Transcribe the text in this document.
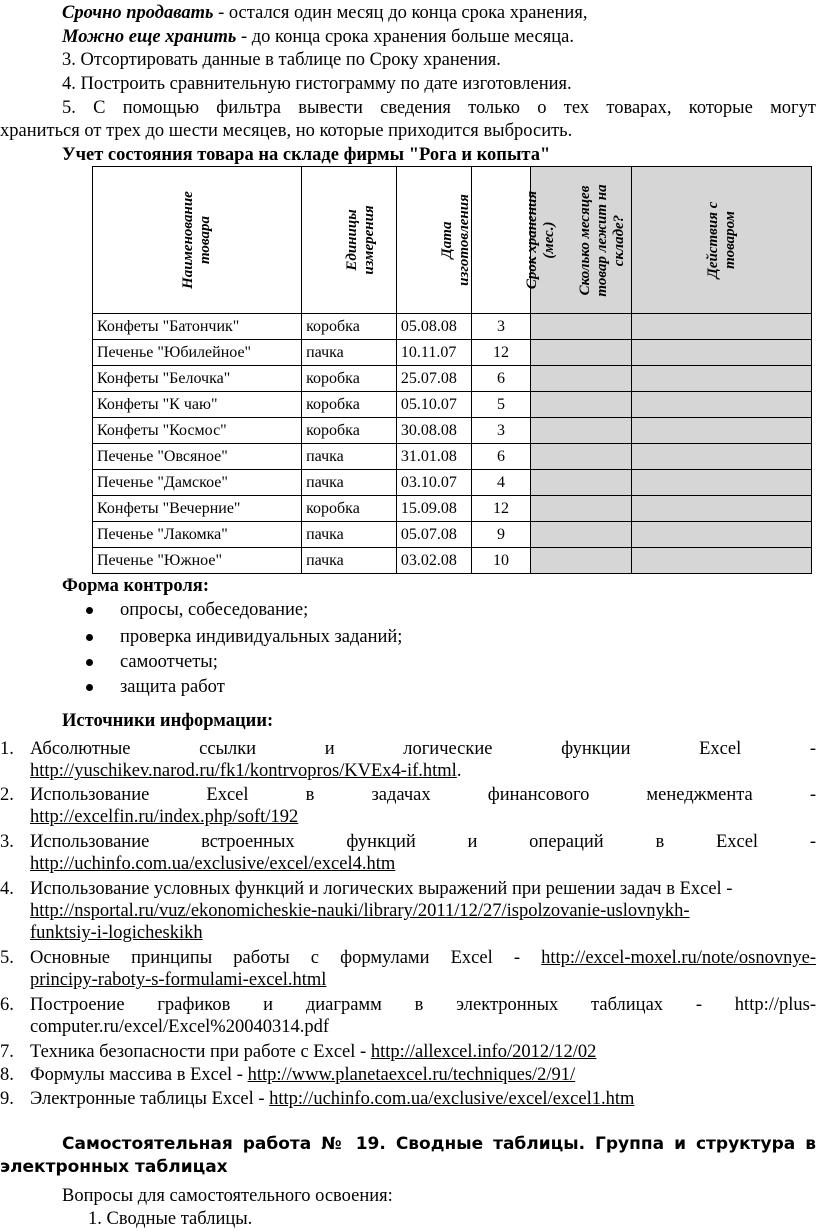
Срочно продавать - остался один месяц до конца срока хранения,
Можно еще хранить - до конца срока хранения больше месяца.
3. Отсортировать данные в таблице по Сроку хранения.
4. Построить сравнительную гистограмму по дате изготовления.
5. С помощью фильтра вывести сведения только о тех товарах, которые могут
храниться от трех до шести месяцев, но которые приходится выбросить.
Учет состояния товара на складе фирмы "Рога и копыта"
Наименование товара	Единицы измерения	Дата изготовления	Срок хранения (мес.)	Сколько месяцев товар лежит на складе?	Действия с товаром
Конфеты "Батончик"	коробка	05.08.08	3		
Печенье "Юбилейное"	пачка	10.11.07	12		
Конфеты "Белочка"	коробка	25.07.08	6		
Конфеты "К чаю"	коробка	05.10.07	5		
Конфеты "Космос"	коробка	30.08.08	3		
Печенье "Овсяное"	пачка	31.01.08	6		
Печенье "Дамское"	пачка	03.10.07	4		
Конфеты "Вечерние"	коробка	15.09.08	12		
Печенье "Лакомка"	пачка	05.07.08	9		
Печенье "Южное"	пачка	03.02.08	10		
Форма контроля:
опросы, собеседование;
проверка индивидуальных заданий;
самоотчеты;
защита работ
Источники информации:
1. Абсолютные ссылки и логические функции Excel -
http://yuschikev.narod.ru/fk1/kontrvopros/KVEx4-if.html.
2. Использование Excel в задачах финансового менеджмента -
http://excelfin.ru/index.php/soft/192
3. Использование встроенных функций и операций в Excel -
http://uchinfo.com.ua/exclusive/excel/excel4.htm
4. Использование условных функций и логических выражений при решении задач в Excel -
http://nsportal.ru/vuz/ekonomicheskie-nauki/library/2011/12/27/ispolzovanie-uslovnykh-
funktsiy-i-logicheskikh
5. Основные принципы работы с формулами Excel - http://excel-moxel.ru/note/osnovnye-
principy-raboty-s-formulami-excel.html
6. Построение графиков и диаграмм в электронных таблицах - http://plus-
computer.ru/excel/Excel%20040314.pdf
7. Техника безопасности при работе с Excel - http://allexcel.info/2012/12/02
8. Формулы массива в Excel - http://www.planetaexcel.ru/techniques/2/91/
9. Электронные таблицы Excel - http://uchinfo.com.ua/exclusive/excel/excel1.htm
Самостоятельная работа № 19. Сводные таблицы. Группа и структура в
электронных таблицах
Вопросы для самостоятельного освоения:
1. Сводные таблицы.
